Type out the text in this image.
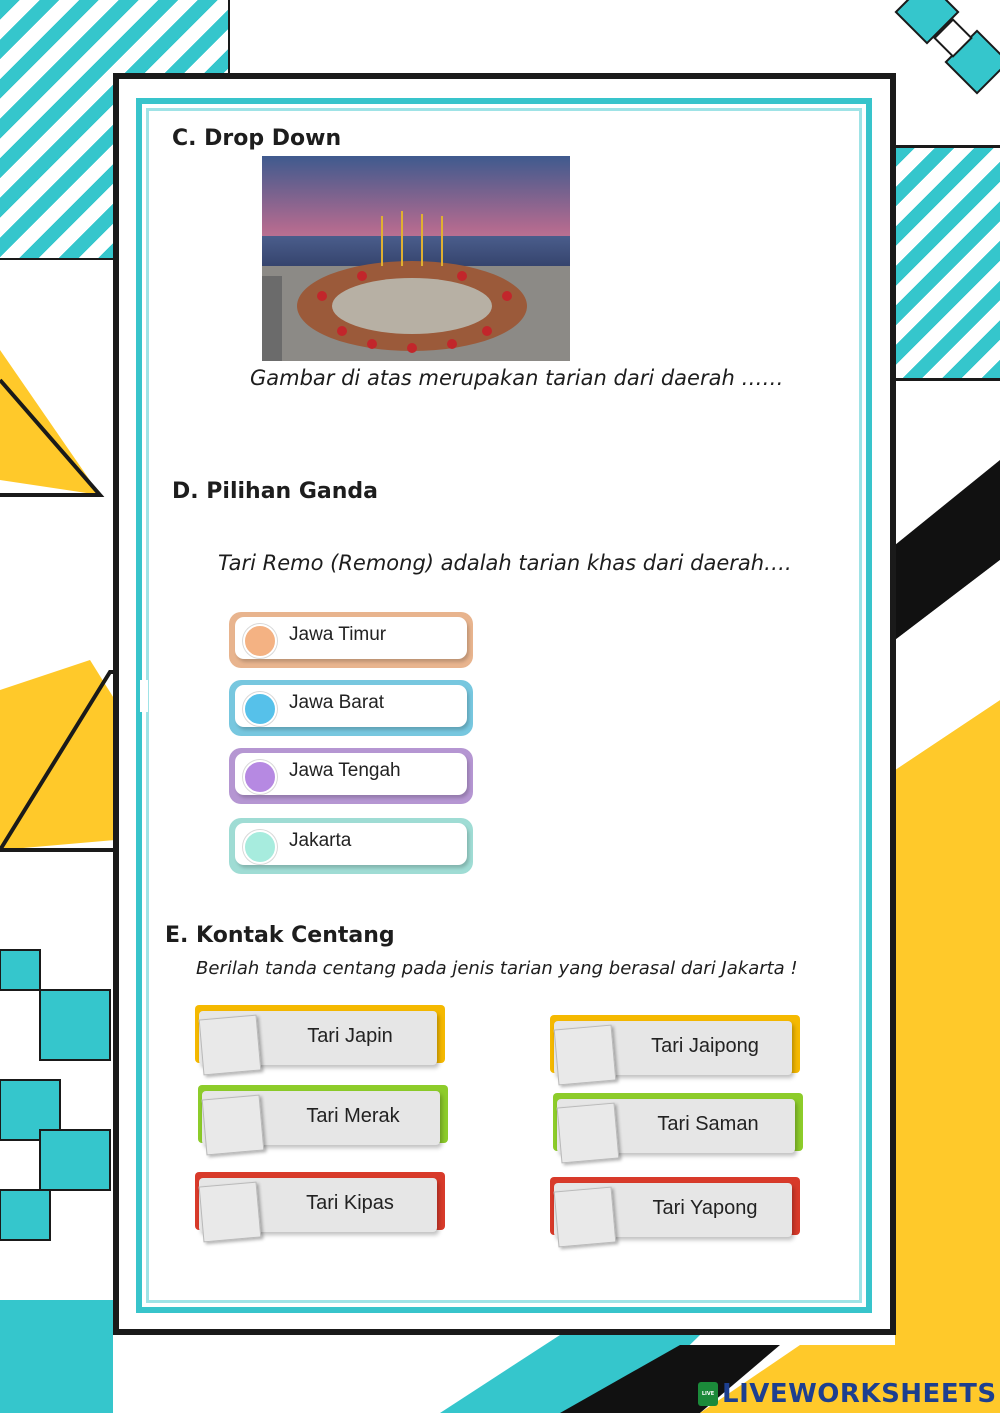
C. Drop Down
Gambar di atas merupakan tarian dari daerah ……
D. Pilihan Ganda
Tari Remo (Remong) adalah tarian khas dari daerah….
Jawa Timur
Jawa Barat
Jawa Tengah
Jakarta
E. Kontak Centang
Berilah tanda centang pada jenis tarian yang berasal dari Jakarta !
Tari Japin	Tari Jaipong
Tari Merak	Tari Saman
Tari Kipas	Tari Yapong
LIVE LIVEWORKSHEETS
